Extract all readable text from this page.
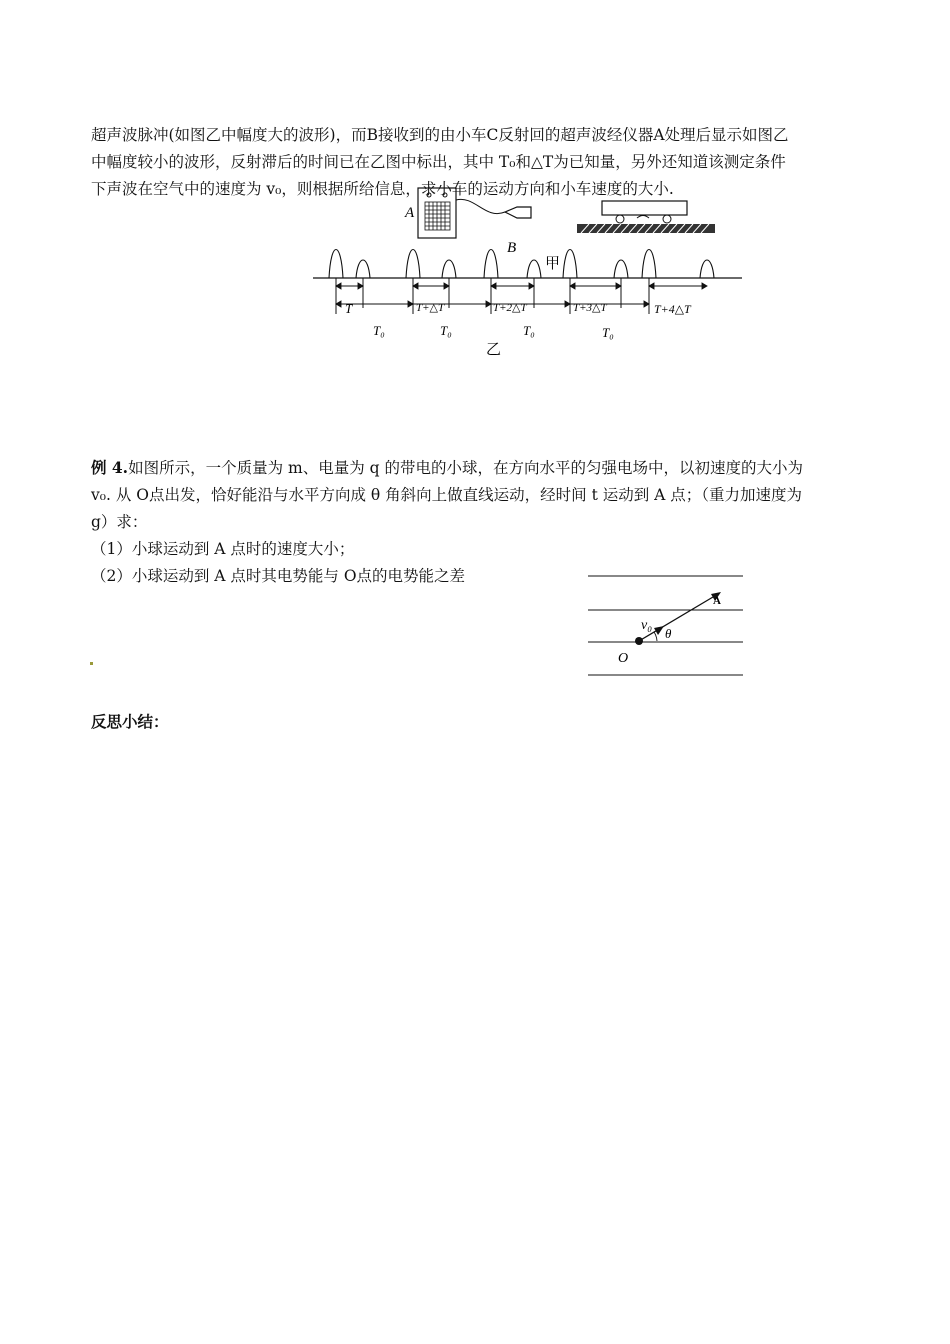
超声波脉冲(如图乙中幅度大的波形)，而B接收到的由小车C反射回的超声波经仪器A处理后显示如图乙
中幅度较小的波形，反射滞后的时间已在乙图中标出，其中 T₀和△T为已知量，另外还知道该测定条件
下声波在空气中的速度为 v₀，则根据所给信息，求小车的运动方向和小车速度的大小.
A
B
甲
T	T+△T	T+2△T	T+3△T	T+4△T
T₀	T₀	T₀	T₀
乙
例 4.如图所示，一个质量为 m、电量为 q 的带电的小球，在方向水平的匀强电场中，以初速度的大小为
v₀. 从 O点出发，恰好能沿与水平方向成 θ 角斜向上做直线运动，经时间 t 运动到 A 点；（重力加速度为
g）求：
（1）小球运动到 A 点时的速度大小；
（2）小球运动到 A 点时其电势能与 O点的电势能之差
A
v₀
θ
O
反思小结：
